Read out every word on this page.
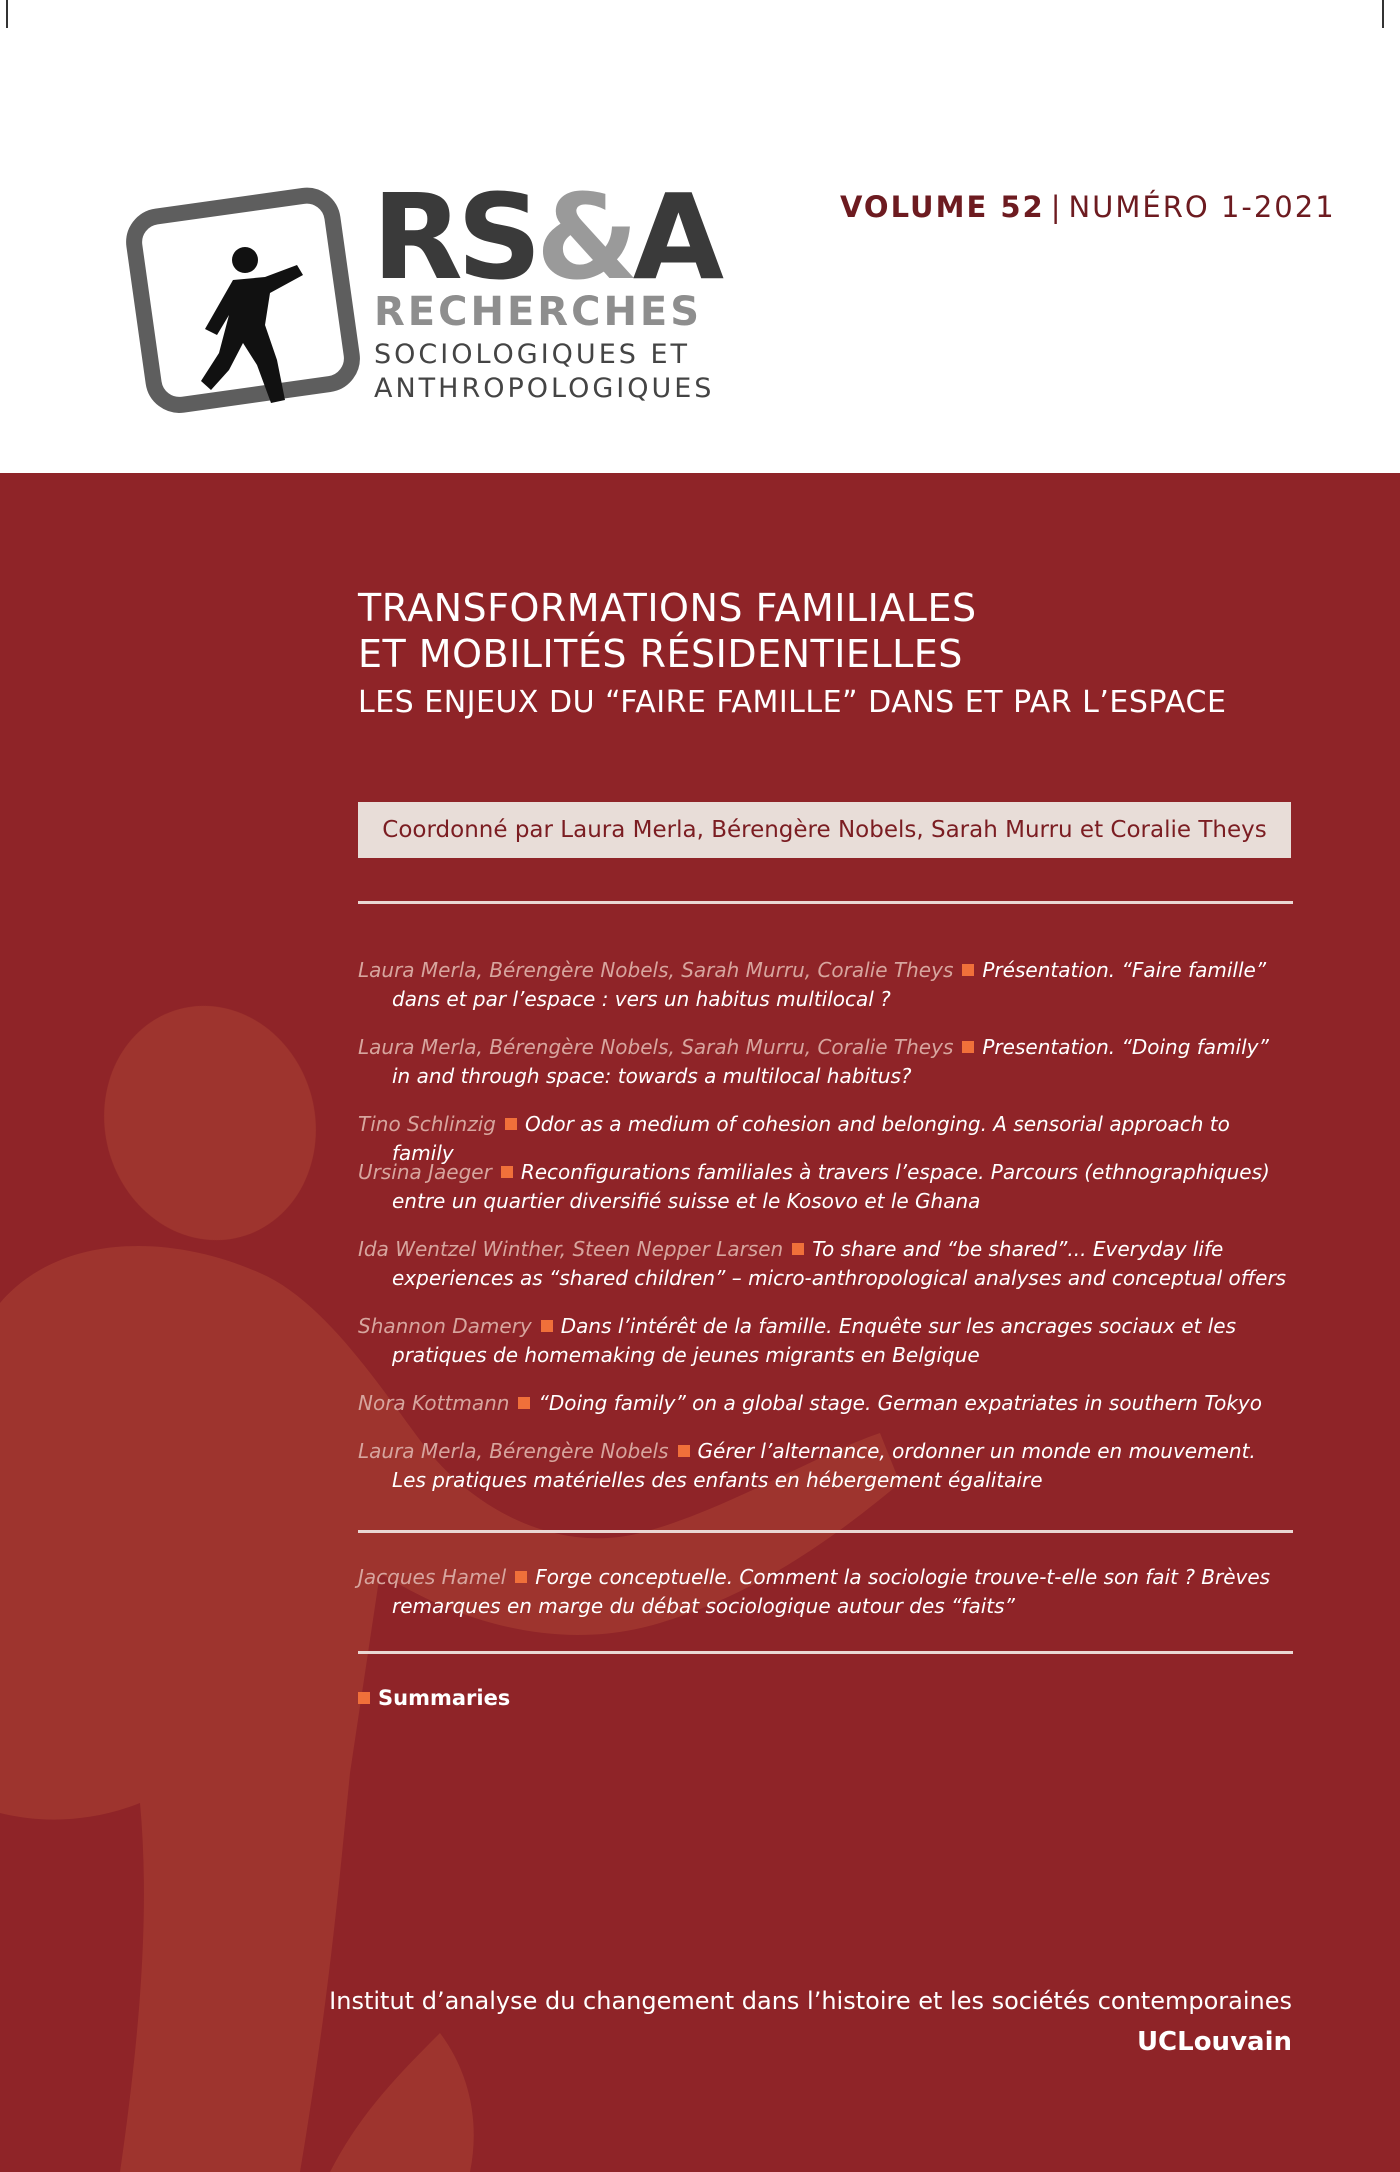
RS&A
RECHERCHES
SOCIOLOGIQUES ET
ANTHROPOLOGIQUES
VOLUME 52 | NUMÉRO 1-2021
TRANSFORMATIONS FAMILIALES
ET MOBILITÉS RÉSIDENTIELLES
LES ENJEUX DU “FAIRE FAMILLE” DANS ET PAR L’ESPACE
Coordonné par Laura Merla, Bérengère Nobels, Sarah Murru et Coralie Theys
Laura Merla, Bérengère Nobels, Sarah Murru, Coralie Theys Présentation. “Faire famille” dans et par l’espace : vers un habitus multilocal ?
Laura Merla, Bérengère Nobels, Sarah Murru, Coralie Theys Presentation. “Doing family” in and through space: towards a multilocal habitus?
Tino Schlinzig Odor as a medium of cohesion and belonging. A sensorial approach to family
Ursina Jaeger Reconfigurations familiales à travers l’espace. Parcours (ethnographiques) entre un quartier diversifié suisse et le Kosovo et le Ghana
Ida Wentzel Winther, Steen Nepper Larsen To share and “be shared”... Everyday life experiences as “shared children” – micro-anthropological analyses and conceptual offers
Shannon Damery Dans l’intérêt de la famille. Enquête sur les ancrages sociaux et les pratiques de homemaking de jeunes migrants en Belgique
Nora Kottmann “Doing family” on a global stage. German expatriates in southern Tokyo
Laura Merla, Bérengère Nobels Gérer l’alternance, ordonner un monde en mouvement. Les pratiques matérielles des enfants en hébergement égalitaire
Jacques Hamel Forge conceptuelle. Comment la sociologie trouve-t-elle son fait ? Brèves remarques en marge du débat sociologique autour des “faits”
Summaries
Institut d’analyse du changement dans l’histoire et les sociétés contemporaines
UCLouvain
